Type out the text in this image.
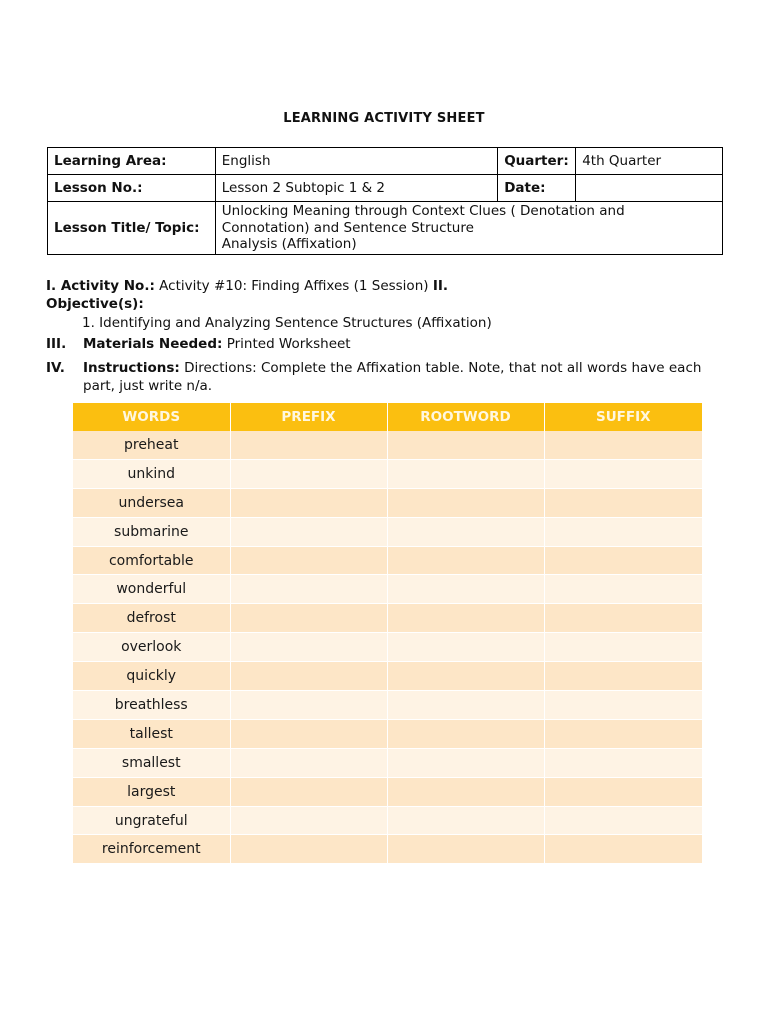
LEARNING ACTIVITY SHEET
Learning Area:	English	Quarter:	4th Quarter
Lesson No.:	Lesson 2 Subtopic 1 & 2	Date:	
Lesson Title/ Topic:	Unlocking Meaning through Context Clues ( Denotation and
Connotation) and Sentence Structure
Analysis (Affixation)		
I. Activity No.: Activity #10: Finding Affixes (1 Session) II.
Objective(s):
1. Identifying and Analyzing Sentence Structures (Affixation)
III. Materials Needed: Printed Worksheet
IV. Instructions: Directions: Complete the Affixation table. Note, that not all words have each part, just write n/a.
WORDS	PREFIX	ROOTWORD	SUFFIX
preheat			
unkind			
undersea			
submarine			
comfortable			
wonderful			
defrost			
overlook			
quickly			
breathless			
tallest			
smallest			
largest			
ungrateful			
reinforcement			
